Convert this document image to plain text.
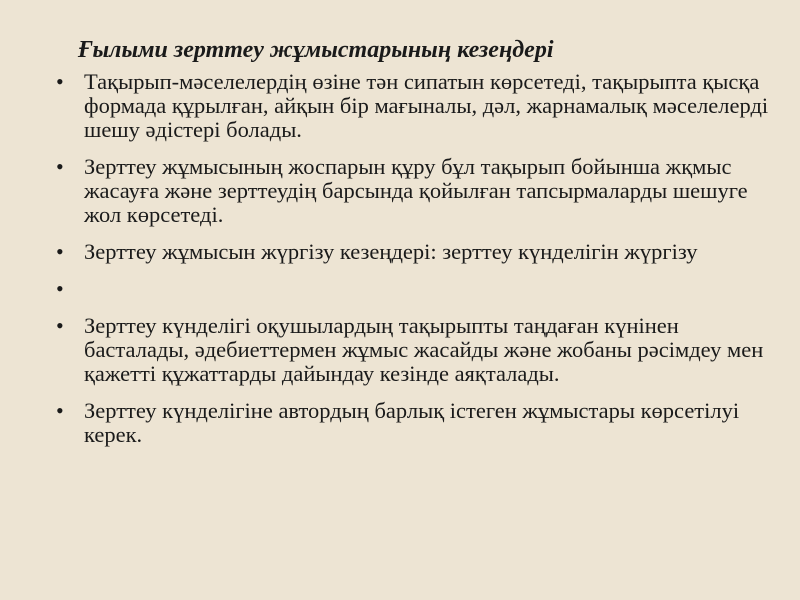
Ғылыми зерттеу жұмыстарының кезеңдері
• Тақырып-мәселелердің өзіне тән сипатын көрсетеді, тақырыпта қысқа формада құрылған, айқын бір мағыналы, дәл, жарнамалық мәселелерді шешу әдістері болады.
• Зерттеу жұмысының жоспарын құру бұл тақырып бойынша жқмыс жасауға және зерттеудің барсында қойылған тапсырмаларды шешуге жол көрсетеді.
• Зерттеу жұмысын жүргізу кезеңдері: зерттеу күнделігін жүргізу
•
• Зерттеу күнделігі оқушылардың тақырыпты таңдаған күнінен басталады, әдебиеттермен жұмыс жасайды және жобаны рәсімдеу мен қажетті құжаттарды дайындау кезінде аяқталады.
• Зерттеу күнделігіне автордың барлық істеген жұмыстары көрсетілуі керек.
